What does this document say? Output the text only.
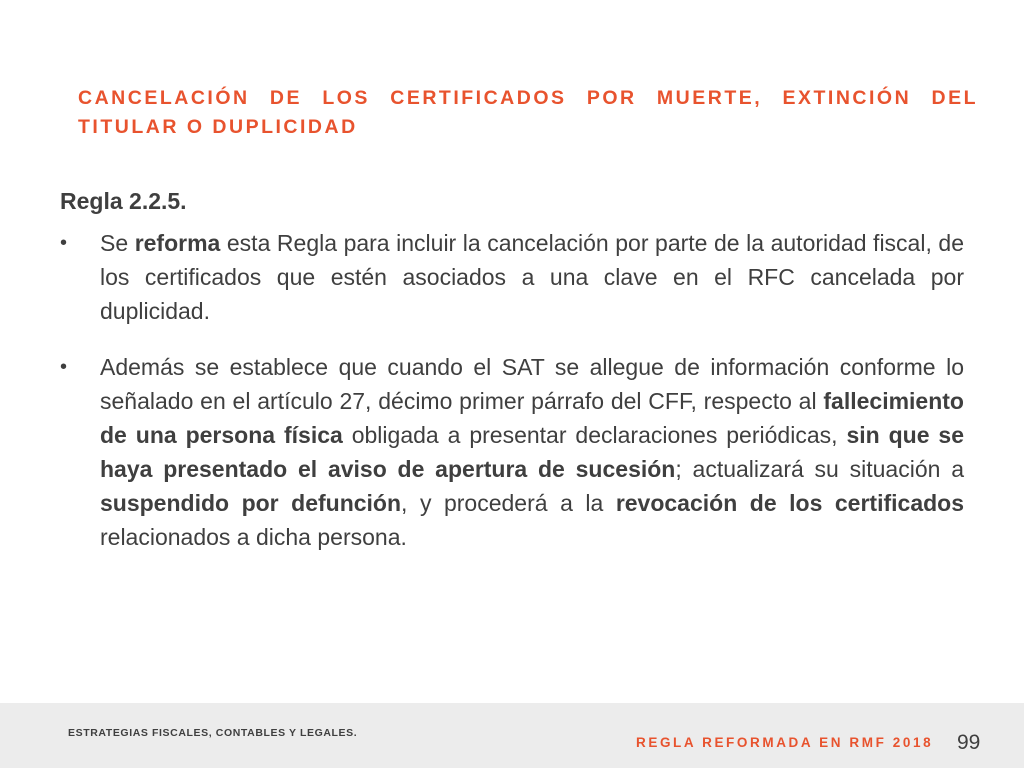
CANCELACIÓN DE LOS CERTIFICADOS POR MUERTE, EXTINCIÓN DEL TITULAR O DUPLICIDAD

Regla 2.2.5.

• Se reforma esta Regla para incluir la cancelación por parte de la autoridad fiscal, de los certificados que estén asociados a una clave en el RFC cancelada por duplicidad.

• Además se establece que cuando el SAT se allegue de información conforme lo señalado en el artículo 27, décimo primer párrafo del CFF, respecto al fallecimiento de una persona física obligada a presentar declaraciones periódicas, sin que se haya presentado el aviso de apertura de sucesión; actualizará su situación a suspendido por defunción, y procederá a la revocación de los certificados relacionados a dicha persona.

ESTRATEGIAS FISCALES, CONTABLES Y LEGALES.
REGLA REFORMADA EN RMF 2018 99
